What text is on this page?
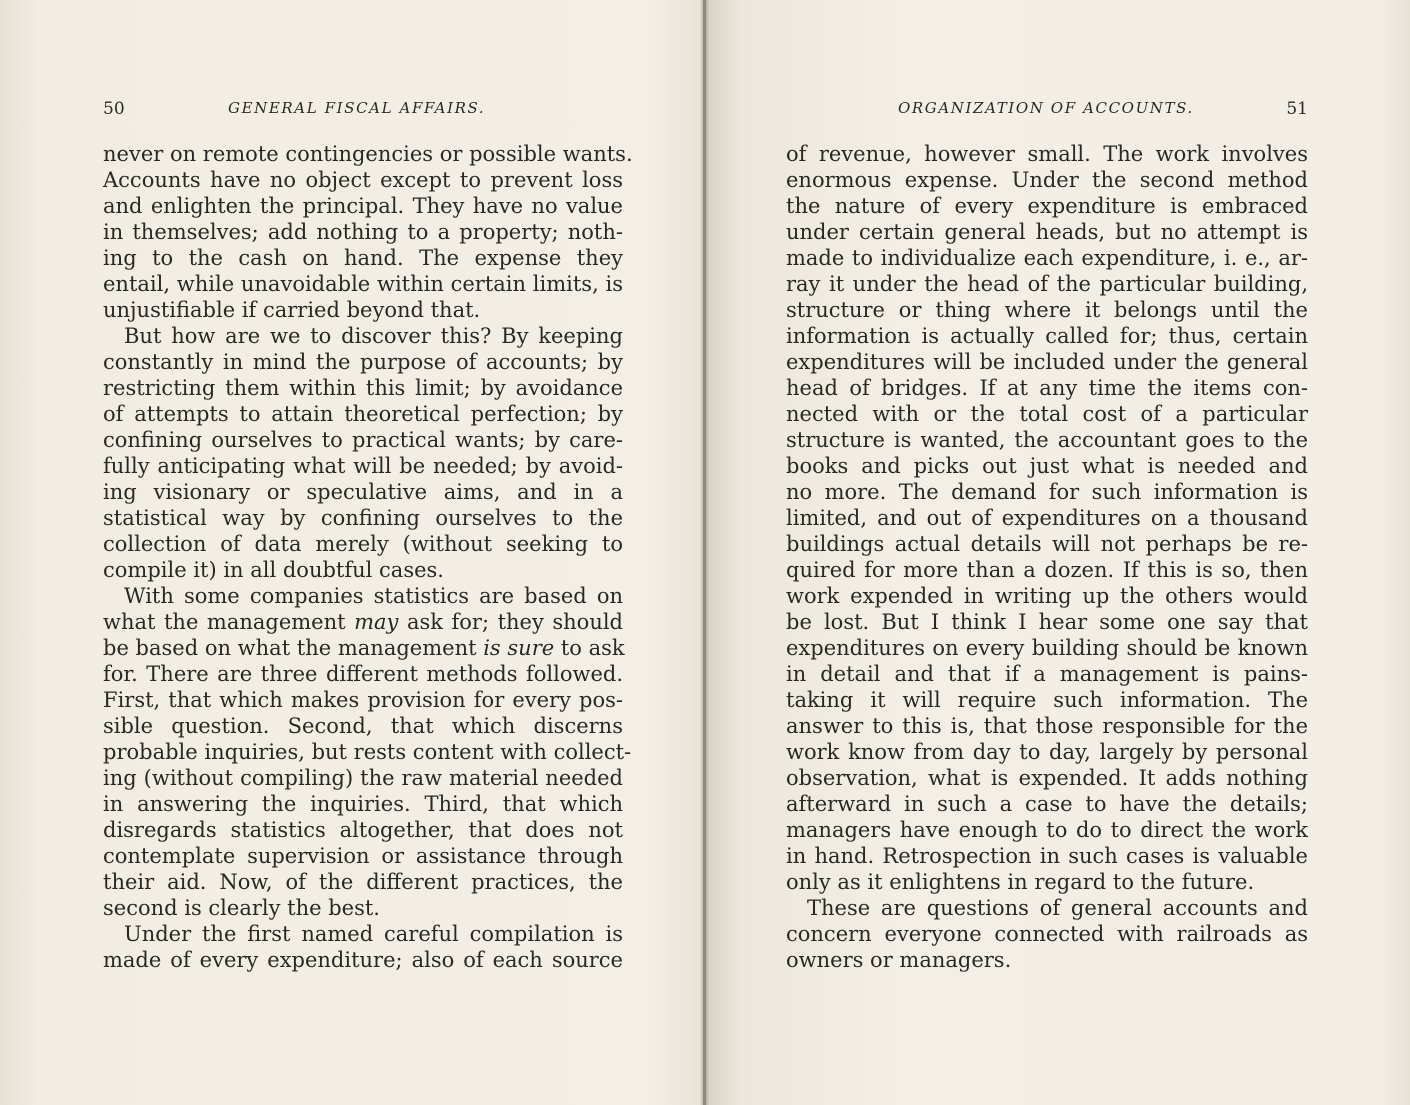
50	GENERAL FISCAL AFFAIRS.
never on remote contingencies or possible wants.
Accounts have no object except to prevent loss
and enlighten the principal. They have no value
in themselves; add nothing to a property; noth-
ing to the cash on hand. The expense they
entail, while unavoidable within certain limits, is
unjustifiable if carried beyond that.
But how are we to discover this? By keeping
constantly in mind the purpose of accounts; by
restricting them within this limit; by avoidance
of attempts to attain theoretical perfection; by
confining ourselves to practical wants; by care-
fully anticipating what will be needed; by avoid-
ing visionary or speculative aims, and in a
statistical way by confining ourselves to the
collection of data merely (without seeking to
compile it) in all doubtful cases.
With some companies statistics are based on
what the management may ask for; they should
be based on what the management is sure to ask
for. There are three different methods followed.
First, that which makes provision for every pos-
sible question. Second, that which discerns
probable inquiries, but rests content with collect-
ing (without compiling) the raw material needed
in answering the inquiries. Third, that which
disregards statistics altogether, that does not
contemplate supervision or assistance through
their aid. Now, of the different practices, the
second is clearly the best.
Under the first named careful compilation is
made of every expenditure; also of each source
ORGANIZATION OF ACCOUNTS.	51
of revenue, however small. The work involves
enormous expense. Under the second method
the nature of every expenditure is embraced
under certain general heads, but no attempt is
made to individualize each expenditure, i. e., ar-
ray it under the head of the particular building,
structure or thing where it belongs until the
information is actually called for; thus, certain
expenditures will be included under the general
head of bridges. If at any time the items con-
nected with or the total cost of a particular
structure is wanted, the accountant goes to the
books and picks out just what is needed and
no more. The demand for such information is
limited, and out of expenditures on a thousand
buildings actual details will not perhaps be re-
quired for more than a dozen. If this is so, then
work expended in writing up the others would
be lost. But I think I hear some one say that
expenditures on every building should be known
in detail and that if a management is pains-
taking it will require such information. The
answer to this is, that those responsible for the
work know from day to day, largely by personal
observation, what is expended. It adds nothing
afterward in such a case to have the details;
managers have enough to do to direct the work
in hand. Retrospection in such cases is valuable
only as it enlightens in regard to the future.
These are questions of general accounts and
concern everyone connected with railroads as
owners or managers.
